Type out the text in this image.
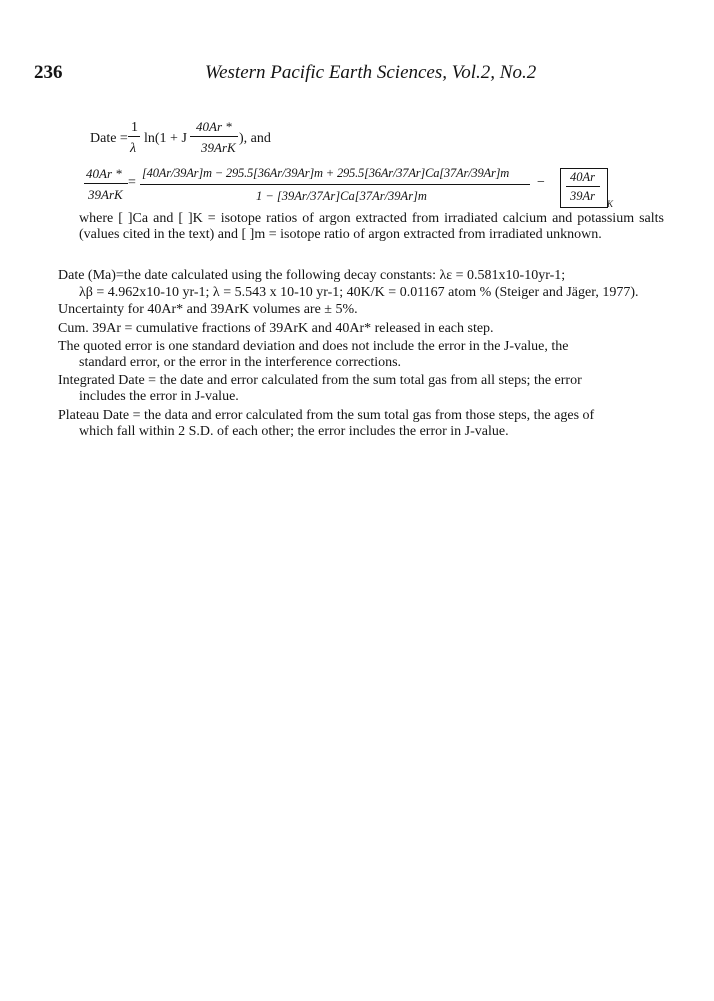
236	Western Pacific Earth Sciences, Vol.2, No.2
Date =
1
λ
ln(1 + J
40Ar *
39ArK
), and
40Ar *
39ArK
=
[40Ar/39Ar]m − 295.5[36Ar/39Ar]m + 295.5[36Ar/37Ar]Ca[37Ar/39Ar]m
1 − [39Ar/37Ar]Ca[37Ar/39Ar]m
− 40Ar
39Ar
K
where [ ]Ca and [ ]K = isotope ratios of argon extracted from irradiated calcium and potassium salts (values cited in the text) and [ ]m = isotope ratio of argon extracted from irradiated unknown.
Date (Ma)=the date calculated using the following decay constants: λε = 0.581x10-10yr-1;
λβ = 4.962x10-10 yr-1; λ = 5.543 x 10-10 yr-1; 40K/K = 0.01167 atom % (Steiger and Jäger, 1977).
Uncertainty for 40Ar* and 39ArK volumes are ± 5%.
Cum. 39Ar = cumulative fractions of 39ArK and 40Ar* released in each step.
The quoted error is one standard deviation and does not include the error in the J-value, the
standard error, or the error in the interference corrections.
Integrated Date = the date and error calculated from the sum total gas from all steps; the error
includes the error in J-value.
Plateau Date = the data and error calculated from the sum total gas from those steps, the ages of
which fall within 2 S.D. of each other; the error includes the error in J-value.
